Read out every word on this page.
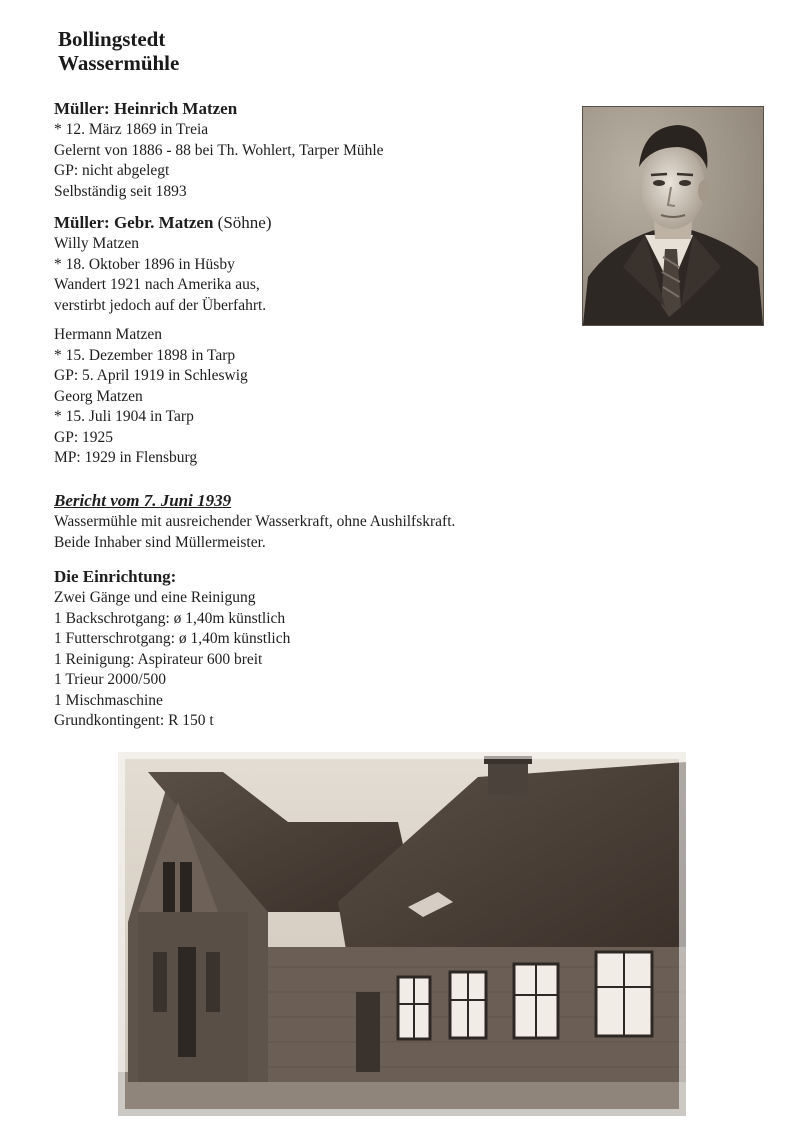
Bollingstedt
Wassermühle
Müller: Heinrich Matzen
* 12. März 1869 in Treia
Gelernt von 1886 - 88 bei Th. Wohlert, Tarper Mühle
GP: nicht abgelegt
Selbständig seit 1893
Müller: Gebr. Matzen (Söhne)
Willy Matzen
* 18. Oktober 1896 in Hüsby
Wandert 1921 nach Amerika aus,
verstirbt jedoch auf der Überfahrt.
Hermann Matzen
* 15. Dezember 1898 in Tarp
GP: 5. April 1919 in Schleswig
Georg Matzen
* 15. Juli 1904 in Tarp
GP: 1925
MP: 1929 in Flensburg
Bericht vom 7. Juni 1939
Wassermühle mit ausreichender Wasserkraft, ohne Aushilfskraft.
Beide Inhaber sind Müllermeister.
Die Einrichtung:
Zwei Gänge und eine Reinigung
1 Backschrotgang: ø 1,40m künstlich
1 Futterschrotgang: ø 1,40m künstlich
1 Reinigung: Aspirateur 600 breit
1 Trieur 2000/500
1 Mischmaschine
Grundkontingent: R 150 t
